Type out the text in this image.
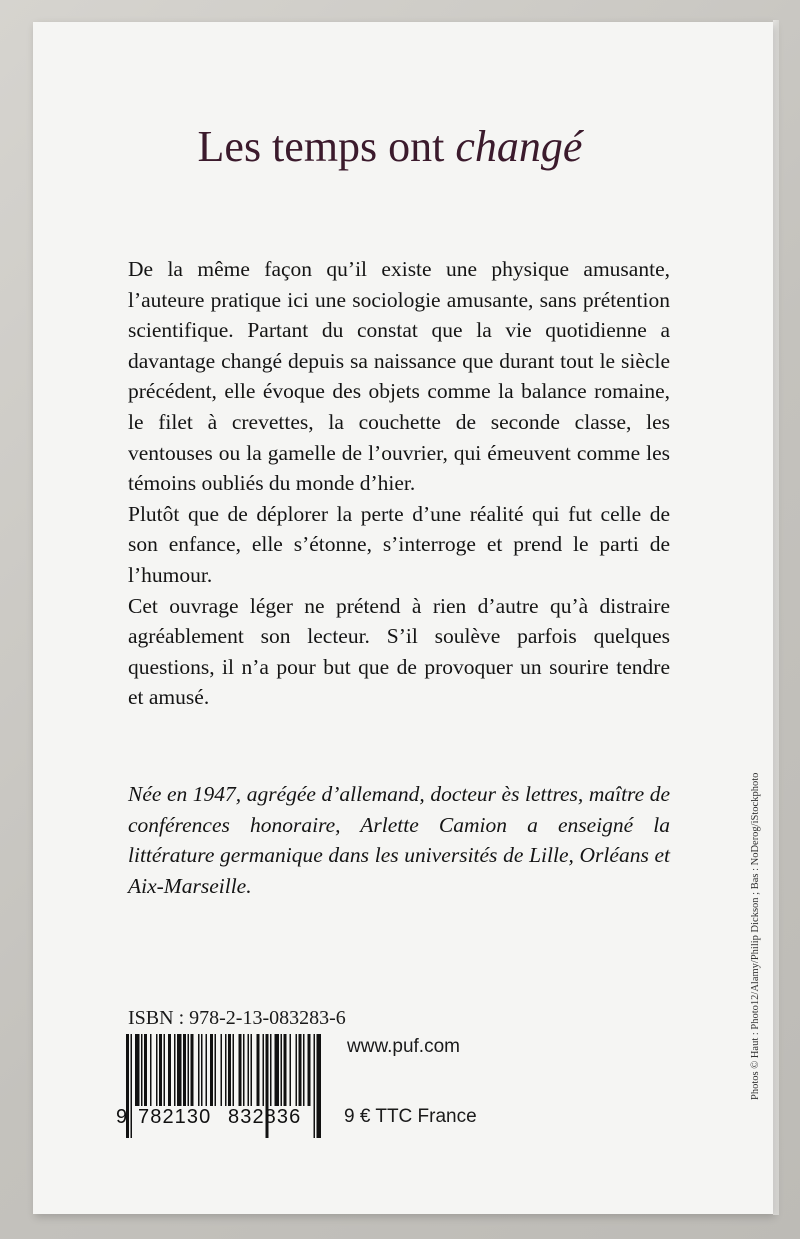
Les temps ont changé

De la même façon qu’il existe une physique amusante, l’auteure pratique ici une sociologie amusante, sans prétention scientifique. Partant du constat que la vie quotidienne a davantage changé depuis sa naissance que durant tout le siècle précédent, elle évoque des objets comme la balance romaine, le filet à crevettes, la couchette de seconde classe, les ventouses ou la gamelle de l’ouvrier, qui émeuvent comme les témoins oubliés du monde d’hier.

Plutôt que de déplorer la perte d’une réalité qui fut celle de son enfance, elle s’étonne, s’interroge et prend le parti de l’humour.

Cet ouvrage léger ne prétend à rien d’autre qu’à distraire agréablement son lecteur. S’il soulève parfois quelques questions, il n’a pour but que de provoquer un sourire tendre et amusé.

Née en 1947, agrégée d’allemand, docteur ès lettres, maître de conférences honoraire, Arlette Camion a enseigné la littérature germanique dans les universités de Lille, Orléans et Aix-Marseille.
ISBN : 978-2-13-083283-6
9 782130 832836
www.puf.com
9 € TTC France
Photos © Haut : Photo12/Alamy/Philip Dickson ; Bas : NoDerog/iStockphoto
